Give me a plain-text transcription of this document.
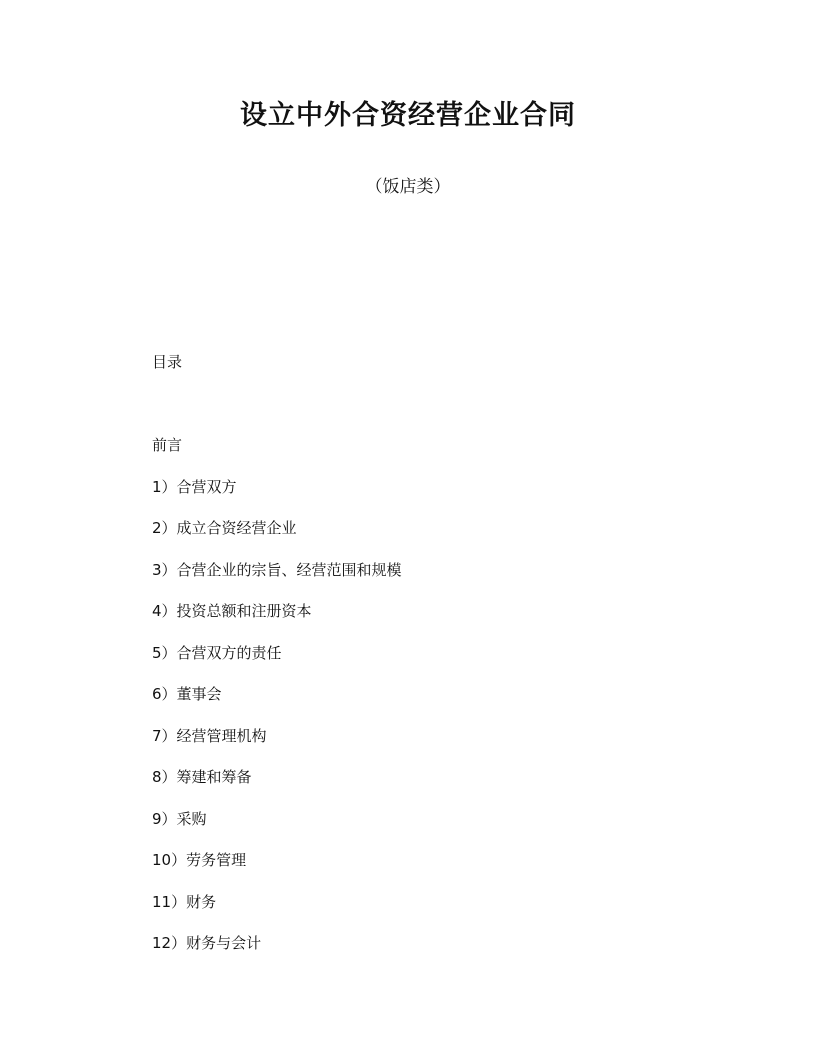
设立中外合资经营企业合同

（饭店类）

目录

前言
1）合营双方
2）成立合资经营企业
3）合营企业的宗旨、经营范围和规模
4）投资总额和注册资本
5）合营双方的责任
6）董事会
7）经营管理机构
8）筹建和筹备
9）采购
10）劳务管理
11）财务
12）财务与会计
